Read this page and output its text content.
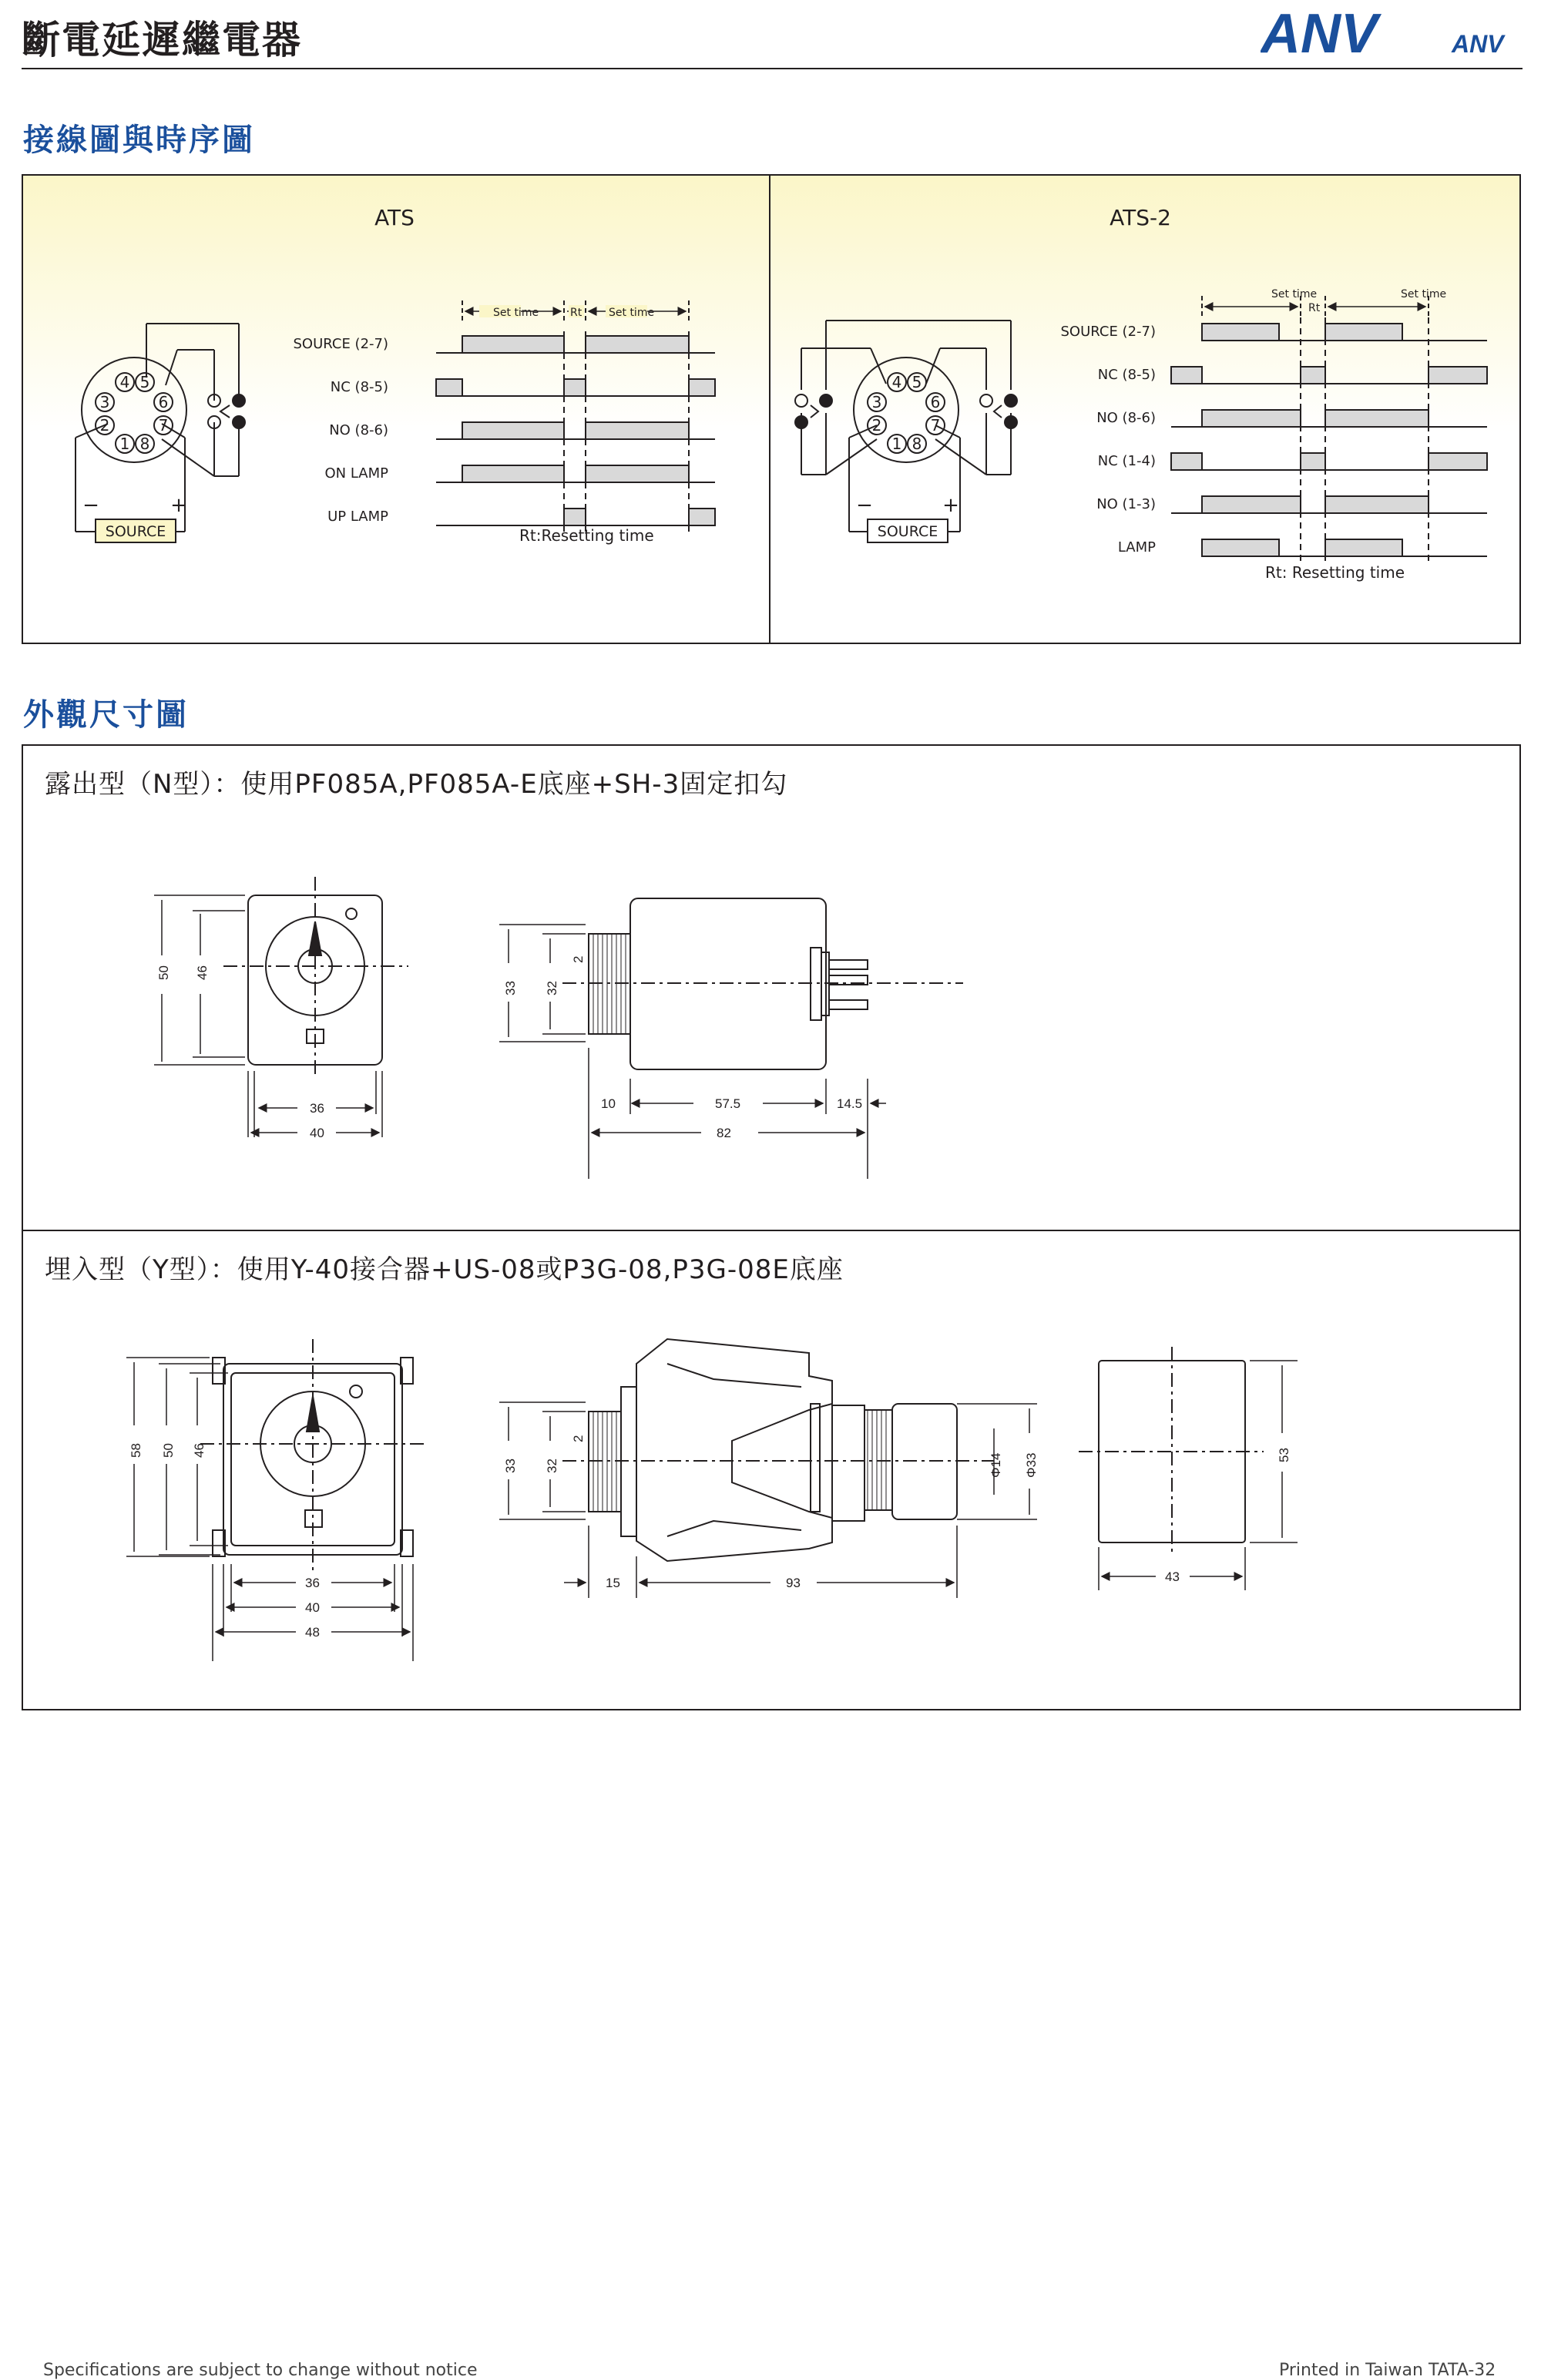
斷電延遲繼電器	ANV	ANV
接線圖與時序圖
ATS
4 5
3	6
2	7
1 8
−	+
SOURCE
SOURCE (2-7)
NC (8-5)
NO (8-6)
ON LAMP
UP LAMP
Set time	Rt Set time
Rt:Resetting time
ATS-2
4 5
3	6
2	7
1 8
−	+
SOURCE
SOURCE (2-7)
NC (8-5)
NO (8-6)
NC (1-4)
NO (1-3)
LAMP
Set time
Rt
Set time
Rt: Resetting time
50 46
36
40
33 32
2
10	57.5	14.5
82
58 50 46
36
40
48
33 32
2
15	93
Φ14 Φ33	53
43
外觀尺寸圖
露出型（N型）：使用PF085A,PF085A-E底座+SH-3固定扣勾
埋入型（Y型）：使用Y-40接合器+US-08或P3G-08,P3G-08E底座
Specifications are subject to change without notice	Printed in Taiwan TATA-32
